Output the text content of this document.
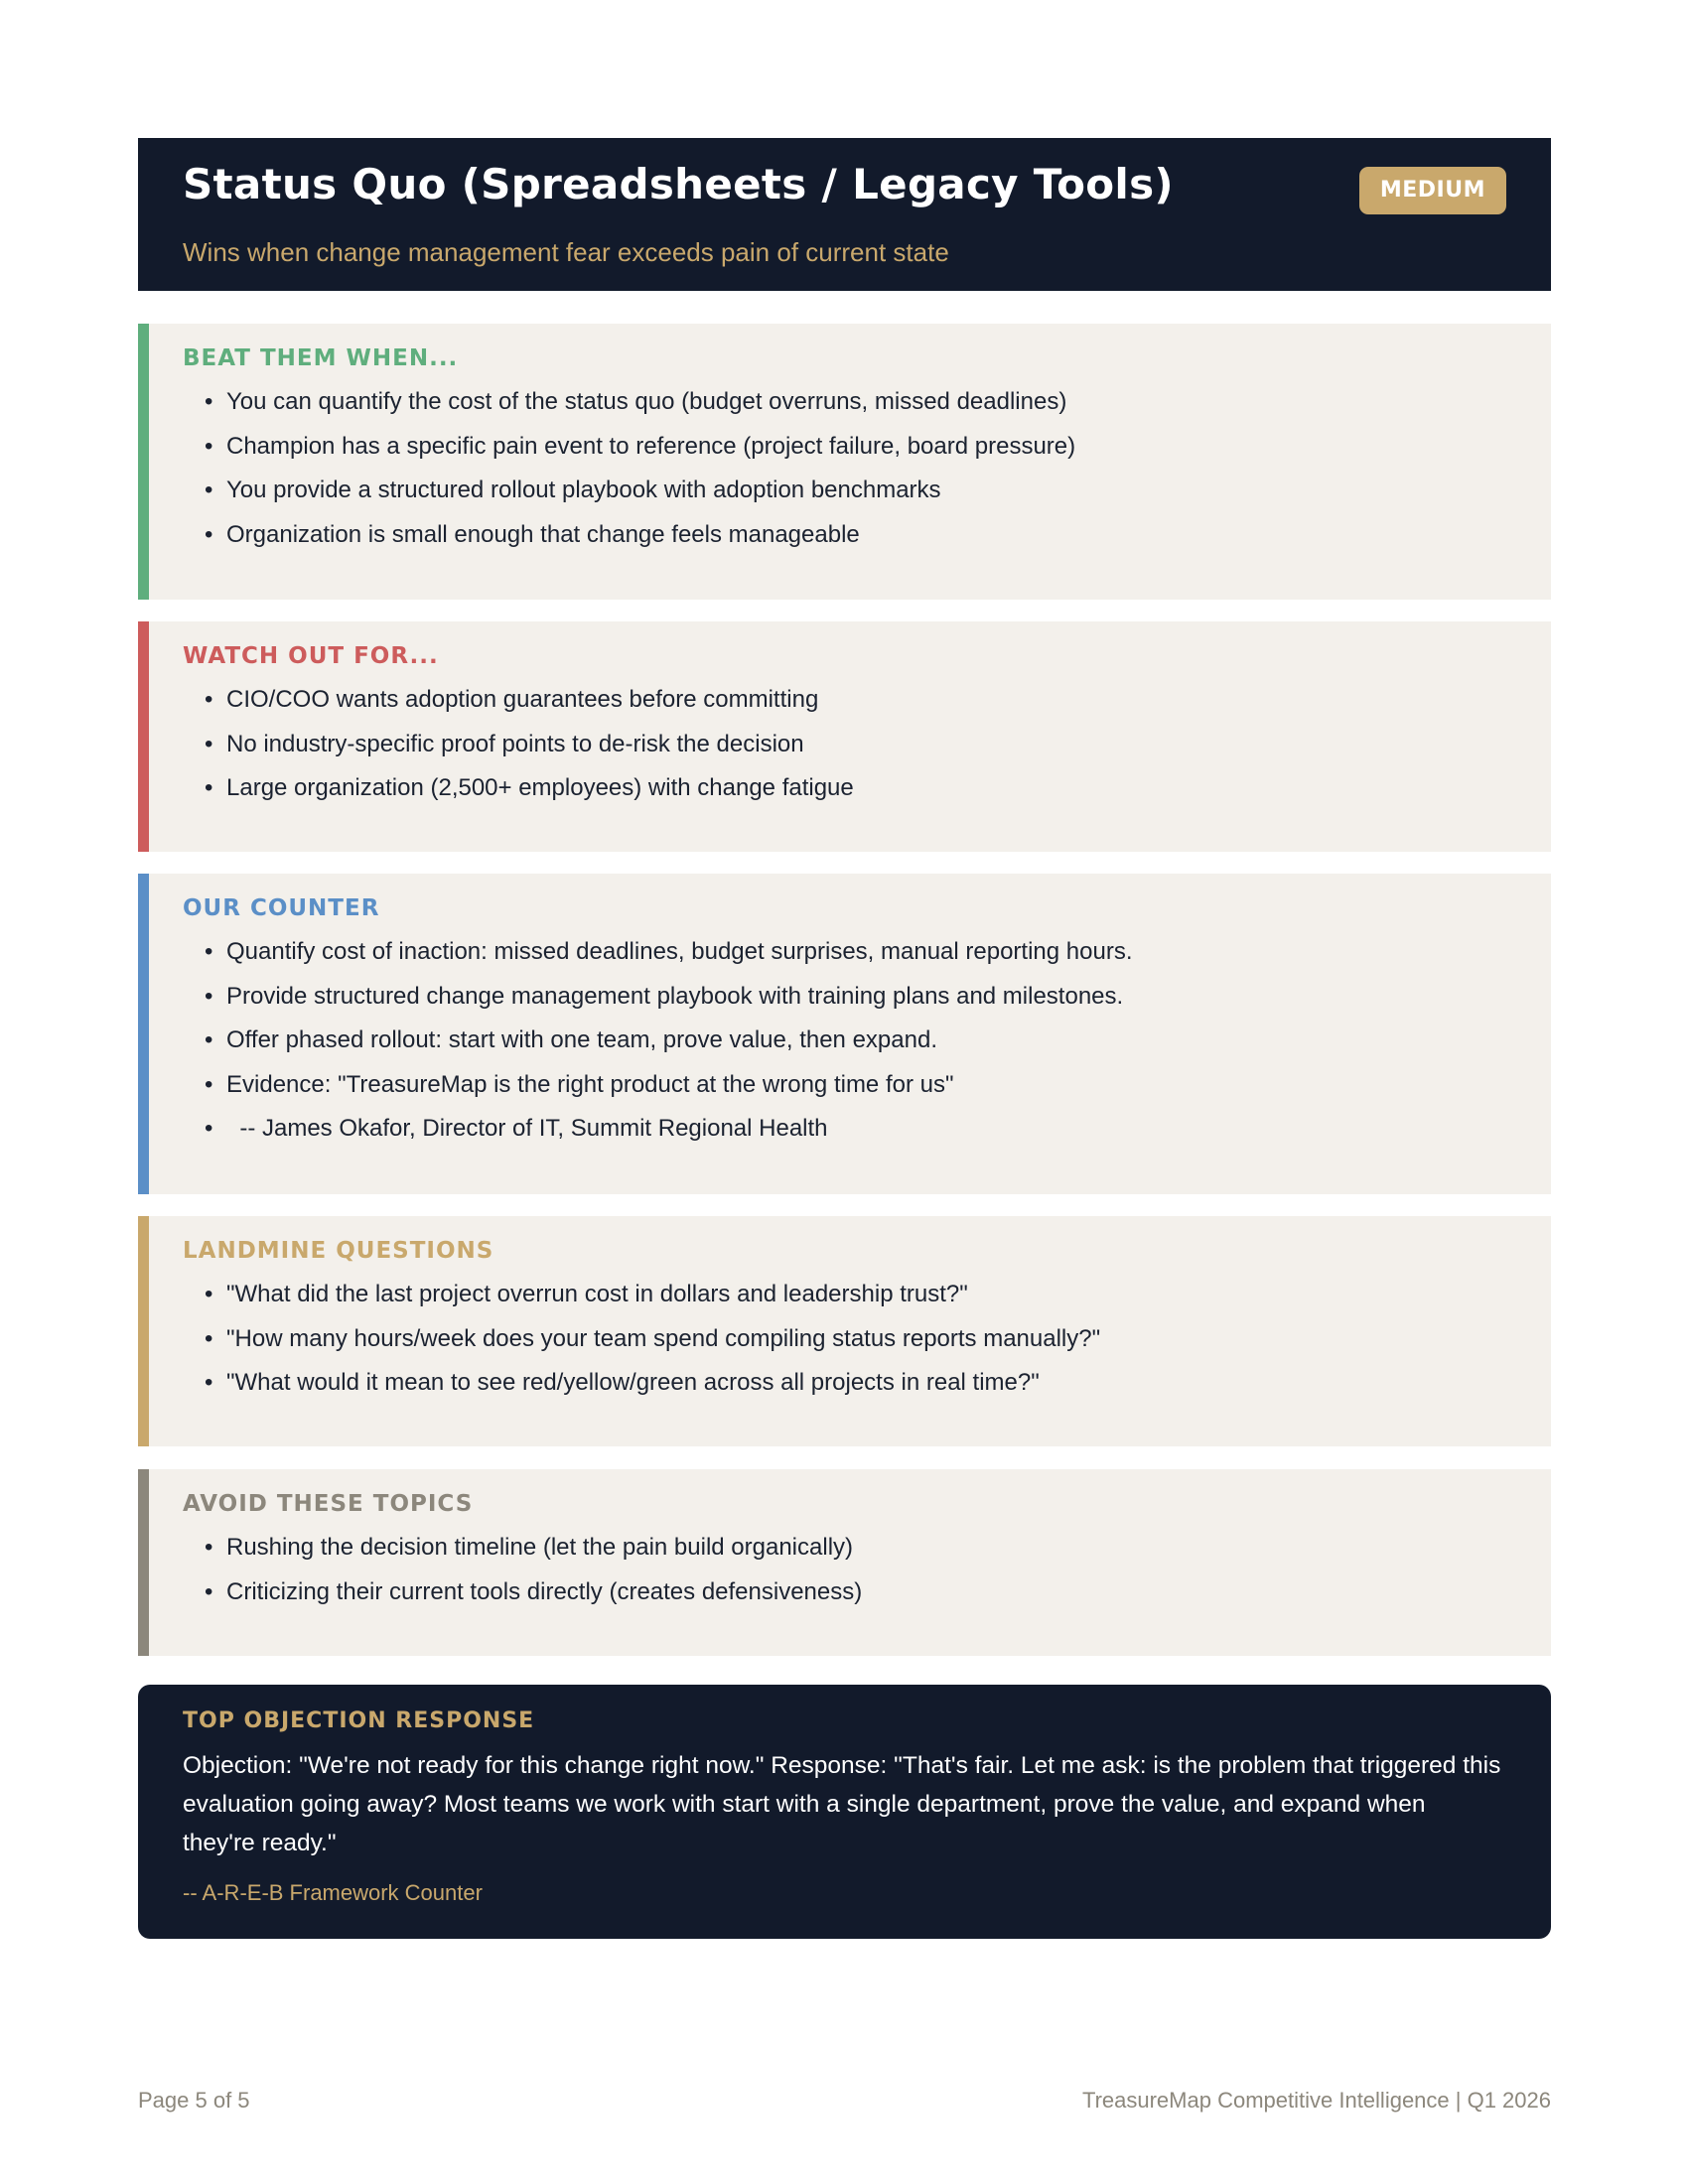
Status Quo (Spreadsheets / Legacy Tools)	MEDIUM
Wins when change management fear exceeds pain of current state
BEAT THEM WHEN...
• You can quantify the cost of the status quo (budget overruns, missed deadlines)
• Champion has a specific pain event to reference (project failure, board pressure)
• You provide a structured rollout playbook with adoption benchmarks
• Organization is small enough that change feels manageable
WATCH OUT FOR...
• CIO/COO wants adoption guarantees before committing
• No industry-specific proof points to de-risk the decision
• Large organization (2,500+ employees) with change fatigue
OUR COUNTER
• Quantify cost of inaction: missed deadlines, budget surprises, manual reporting hours.
• Provide structured change management playbook with training plans and milestones.
• Offer phased rollout: start with one team, prove value, then expand.
• Evidence: "TreasureMap is the right product at the wrong time for us"
•   -- James Okafor, Director of IT, Summit Regional Health
LANDMINE QUESTIONS
• "What did the last project overrun cost in dollars and leadership trust?"
• "How many hours/week does your team spend compiling status reports manually?"
• "What would it mean to see red/yellow/green across all projects in real time?"
AVOID THESE TOPICS
• Rushing the decision timeline (let the pain build organically)
• Criticizing their current tools directly (creates defensiveness)
TOP OBJECTION RESPONSE
Objection: "We're not ready for this change right now." Response: "That's fair. Let me ask: is the problem that triggered this evaluation going away? Most teams we work with start with a single department, prove the value, and expand when they're ready."
-- A-R-E-B Framework Counter
Page 5 of 5	TreasureMap Competitive Intelligence | Q1 2026
